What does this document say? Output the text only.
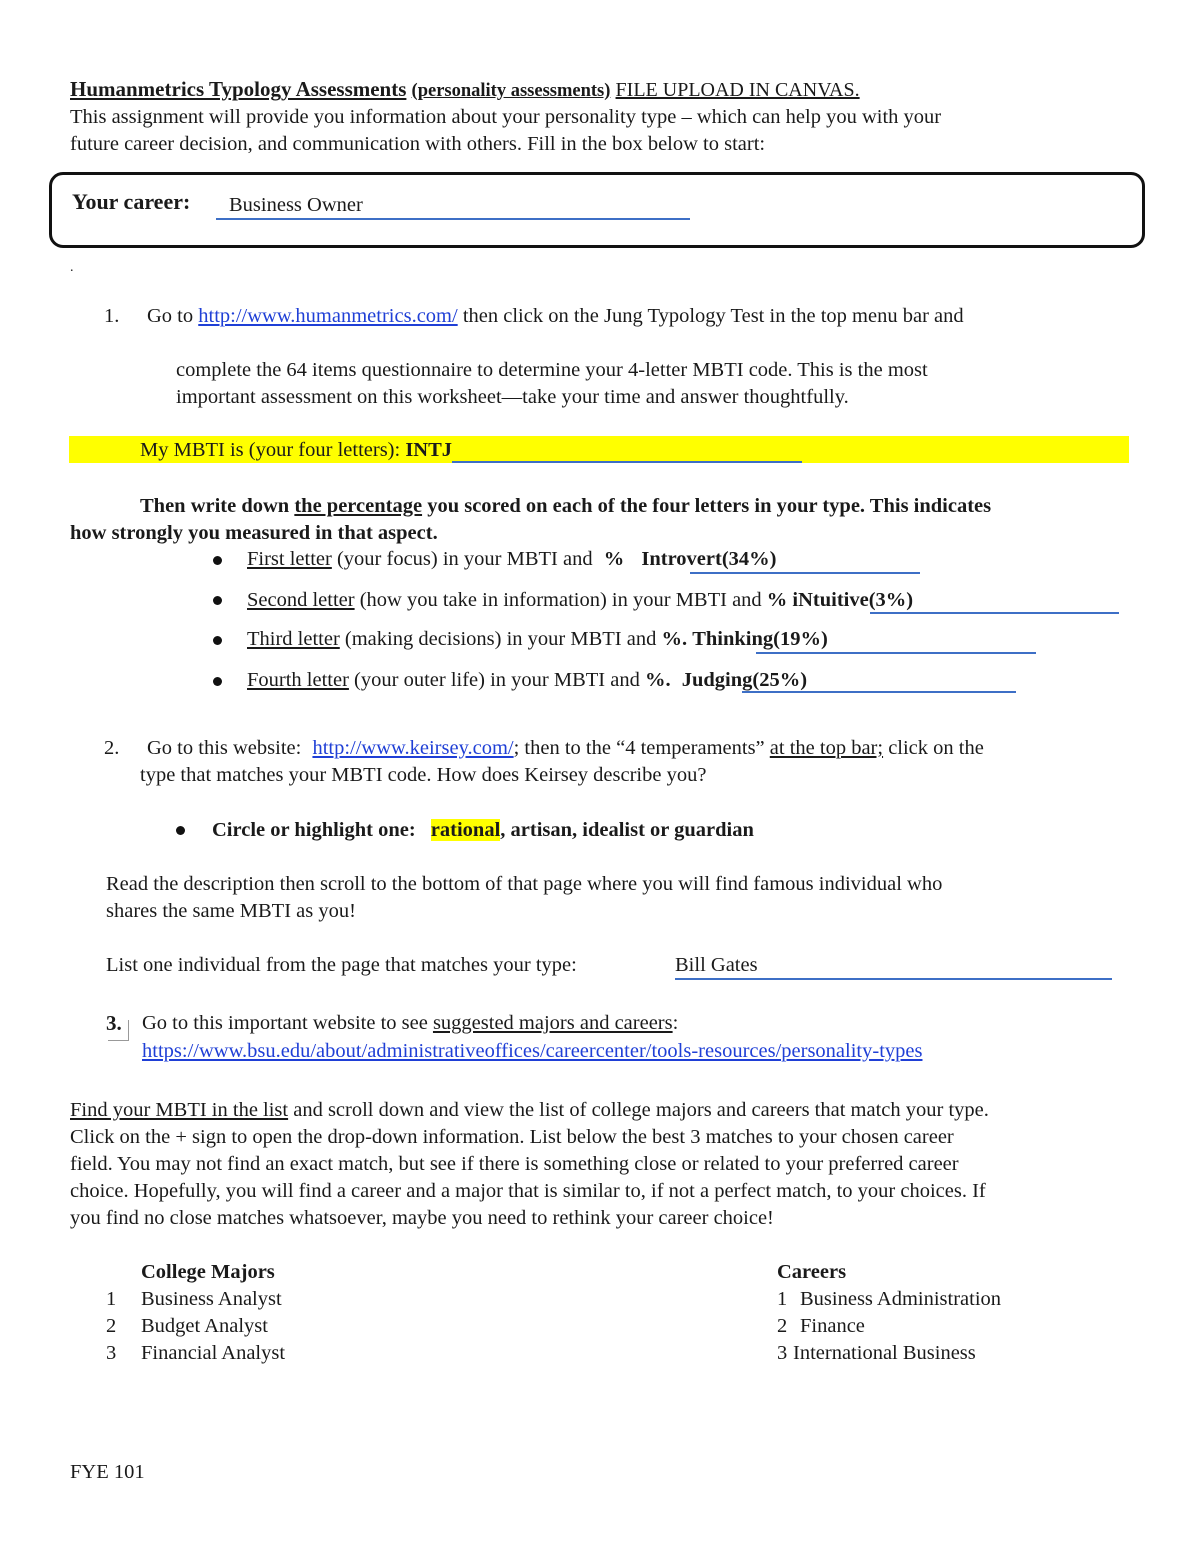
Humanmetrics Typology Assessments (personality assessments) FILE UPLOAD IN CANVAS.
This assignment will provide you information about your personality type – which can help you with your
future career decision, and communication with others. Fill in the box below to start:
Your career: Business Owner
.
1. Go to http://www.humanmetrics.com/ then click on the Jung Typology Test in the top menu bar and
complete the 64 items questionnaire to determine your 4-letter MBTI code. This is the most
important assessment on this worksheet—take your time and answer thoughtfully.
My MBTI is (your four letters): INTJ
Then write down the percentage you scored on each of the four letters in your type. This indicates
how strongly you measured in that aspect.
First letter (your focus) in your MBTI and % Introvert(34%)
Second letter (how you take in information) in your MBTI and % iNtuitive(3%)
Third letter (making decisions) in your MBTI and %. Thinking(19%)
Fourth letter (your outer life) in your MBTI and %. Judging(25%)
2. Go to this website: http://www.keirsey.com/; then to the “4 temperaments” at the top bar; click on the
type that matches your MBTI code. How does Keirsey describe you?
Circle or highlight one: rational, artisan, idealist or guardian
Read the description then scroll to the bottom of that page where you will find famous individual who
shares the same MBTI as you!
List one individual from the page that matches your type:	Bill Gates
3. Go to this important website to see suggested majors and careers:
https://www.bsu.edu/about/administrativeoffices/careercenter/tools-resources/personality-types
Find your MBTI in the list and scroll down and view the list of college majors and careers that match your type.
Click on the + sign to open the drop-down information. List below the best 3 matches to your chosen career
field. You may not find an exact match, but see if there is something close or related to your preferred career
choice. Hopefully, you will find a career and a major that is similar to, if not a perfect match, to your choices. If
you find no close matches whatsoever, maybe you need to rethink your career choice!
College Majors
1 Business Analyst
2 Budget Analyst
3 Financial Analyst
Careers
1 Business Administration
2 Finance
3 International Business
FYE 101
